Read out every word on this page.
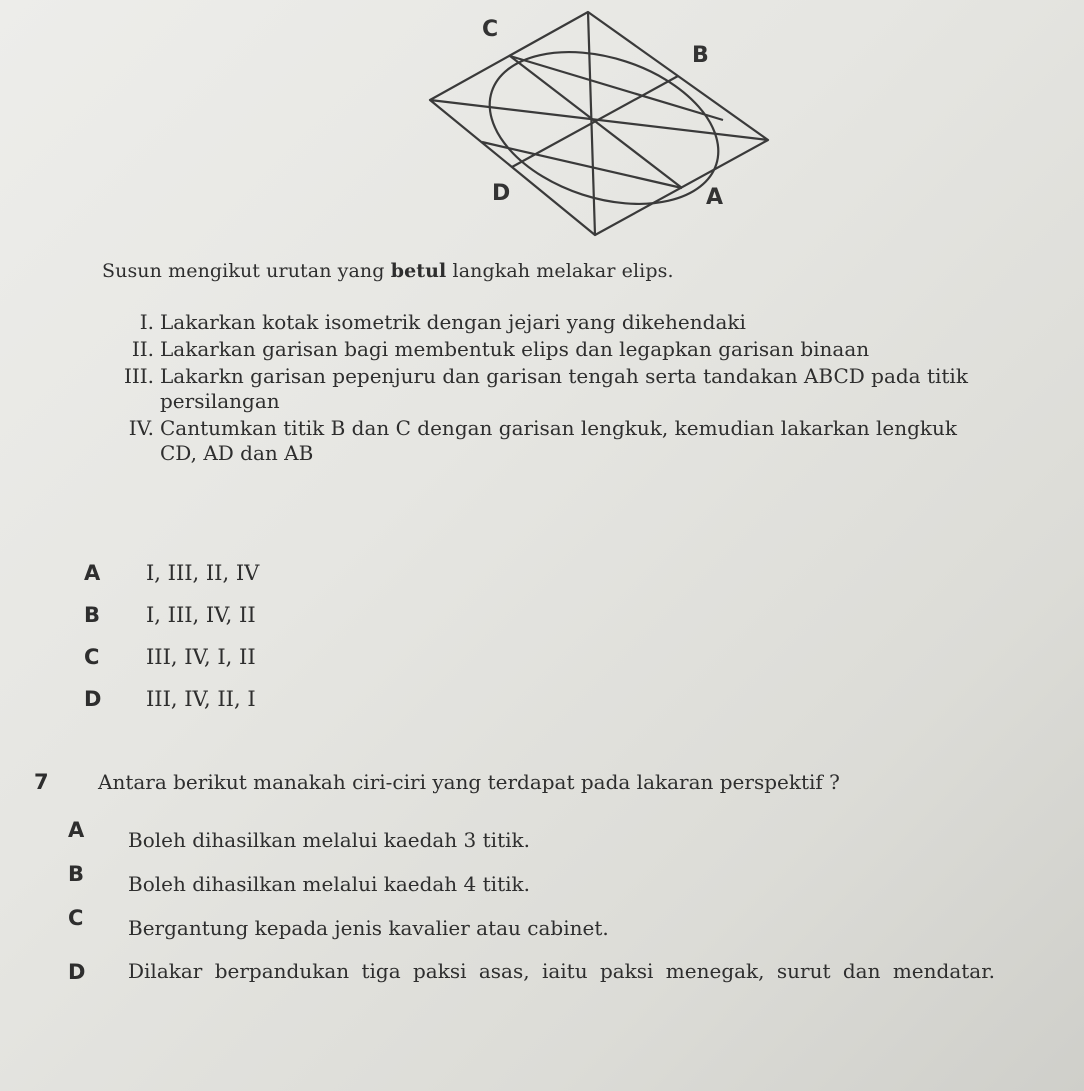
C
B
D	A
Susun mengikut urutan yang betul langkah melakar elips.
I. Lakarkan kotak isometrik dengan jejari yang dikehendaki
II. Lakarkan garisan bagi membentuk elips dan legapkan garisan binaan
III. Lakarkn garisan pepenjuru dan garisan tengah serta tandakan ABCD pada titik persilangan
IV. Cantumkan titik B dan C dengan garisan lengkuk, kemudian lakarkan lengkuk CD, AD dan AB
A	I, III, II, IV
B	I, III, IV, II
C	III, IV, I, II
D	III, IV, II, I
7 Antara berikut manakah ciri-ciri yang terdapat pada lakaran perspektif ?
A	Boleh dihasilkan melalui kaedah 3 titik.
B	Boleh dihasilkan melalui kaedah 4 titik.
C	Bergantung kepada jenis kavalier atau cabinet.
D	Dilakar berpandukan tiga paksi asas, iaitu paksi menegak, surut dan mendatar.
